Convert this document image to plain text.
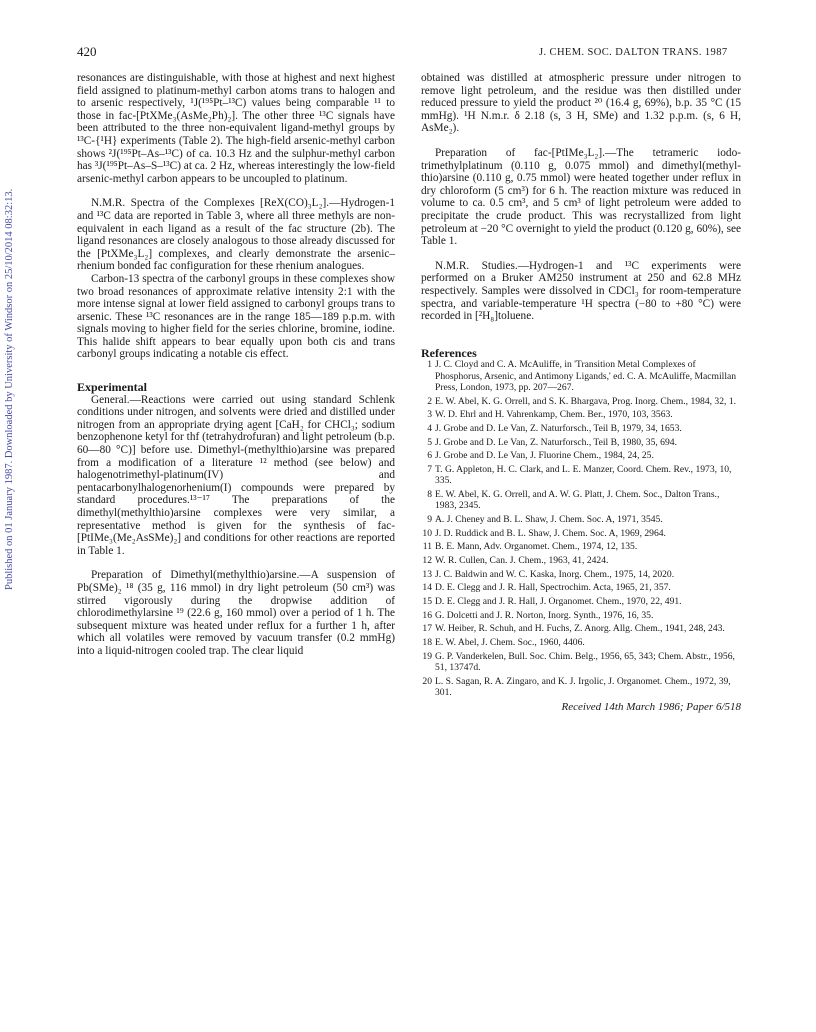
420	J. CHEM. SOC. DALTON TRANS. 1987
Published on 01 January 1987. Downloaded by University of Windsor on 25/10/2014 08:32:13.

resonances are distinguishable, with those at highest and next highest field assigned to platinum-methyl carbon atoms trans to halogen and to arsenic respectively, ¹J(¹⁹⁵Pt–¹³C) values being comparable ¹¹ to those in fac-[PtXMe₃(AsMe₂Ph)₂]. The other three ¹³C signals have been attributed to the three non-equivalent ligand-methyl groups by ¹³C-{¹H} experiments (Table 2). The high-field arsenic-methyl carbon shows ²J(¹⁹⁵Pt–As–¹³C) of ca. 10.3 Hz and the sulphur-methyl carbon has ³J(¹⁹⁵Pt–As–S–¹³C) at ca. 2 Hz, whereas interestingly the low-field arsenic-methyl carbon appears to be uncoupled to platinum.

N.M.R. Spectra of the Complexes [ReX(CO)₃L₂].—Hydrogen-1 and ¹³C data are reported in Table 3, where all three methyls are non-equivalent in each ligand as a result of the fac structure (2b). The ligand resonances are closely analogous to those already discussed for the [PtXMe₃L₂] complexes, and clearly demonstrate the arsenic–rhenium bonded fac configuration for these rhenium analogues.

Carbon-13 spectra of the carbonyl groups in these complexes show two broad resonances of approximate relative intensity 2:1 with the more intense signal at lower field assigned to carbonyl groups trans to arsenic. These ¹³C resonances are in the range 185—189 p.p.m. with signals moving to higher field for the series chlorine, bromine, iodine. This halide shift appears to bear equally upon both cis and trans carbonyl groups indicating a notable cis effect.

Experimental

General.—Reactions were carried out using standard Schlenk conditions under nitrogen, and solvents were dried and distilled under nitrogen from an appropriate drying agent [CaH₂ for CHCl₃; sodium benzophenone ketyl for thf (tetrahydrofuran) and light petroleum (b.p. 60—80 °C)] before use. Dimethyl-(methylthio)arsine was prepared from a modification of a literature ¹² method (see below) and halogenotrimethyl-platinum(IV) and pentacarbonylhalogenorhenium(I) compounds were prepared by standard procedures.¹³⁻¹⁷ The preparations of the dimethyl(methylthio)arsine complexes were very similar, a representative method is given for the synthesis of fac-[PtIMe₃(Me₂AsSMe)₂] and conditions for other reactions are reported in Table 1.

Preparation of Dimethyl(methylthio)arsine.—A suspension of Pb(SMe)₂ ¹⁸ (35 g, 116 mmol) in dry light petroleum (50 cm³) was stirred vigorously during the dropwise addition of chlorodimethylarsine ¹⁹ (22.6 g, 160 mmol) over a period of 1 h. The subsequent mixture was heated under reflux for a further 1 h, after which all volatiles were removed by vacuum transfer (0.2 mmHg) into a liquid-nitrogen cooled trap. The clear liquid

obtained was distilled at atmospheric pressure under nitrogen to remove light petroleum, and the residue was then distilled under reduced pressure to yield the product ²⁰ (16.4 g, 69%), b.p. 35 °C (15 mmHg). ¹H N.m.r. δ 2.18 (s, 3 H, SMe) and 1.32 p.p.m. (s, 6 H, AsMe₂).

Preparation of fac-[PtIMe₃L₂].—The tetrameric iodo-trimethylplatinum (0.110 g, 0.075 mmol) and dimethyl(methyl-thio)arsine (0.110 g, 0.75 mmol) were heated together under reflux in dry chloroform (5 cm³) for 6 h. The reaction mixture was reduced in volume to ca. 0.5 cm³, and 5 cm³ of light petroleum were added to precipitate the crude product. This was recrystallized from light petroleum at −20 °C overnight to yield the product (0.120 g, 60%), see Table 1.

N.M.R. Studies.—Hydrogen-1 and ¹³C experiments were performed on a Bruker AM250 instrument at 250 and 62.8 MHz respectively. Samples were dissolved in CDCl₃ for room-temperature spectra, and variable-temperature ¹H spectra (−80 to +80 °C) were recorded in [²H₈]toluene.

References

1 J. C. Cloyd and C. A. McAuliffe, in 'Transition Metal Complexes of Phosphorus, Arsenic, and Antimony Ligands,' ed. C. A. McAuliffe, Macmillan Press, London, 1973, pp. 207—267.
2 E. W. Abel, K. G. Orrell, and S. K. Bhargava, Prog. Inorg. Chem., 1984, 32, 1.
3 W. D. Ehrl and H. Vahrenkamp, Chem. Ber., 1970, 103, 3563.
4 J. Grobe and D. Le Van, Z. Naturforsch., Teil B, 1979, 34, 1653.
5 J. Grobe and D. Le Van, Z. Naturforsch., Teil B, 1980, 35, 694.
6 J. Grobe and D. Le Van, J. Fluorine Chem., 1984, 24, 25.
7 T. G. Appleton, H. C. Clark, and L. E. Manzer, Coord. Chem. Rev., 1973, 10, 335.
8 E. W. Abel, K. G. Orrell, and A. W. G. Platt, J. Chem. Soc., Dalton Trans., 1983, 2345.
9 A. J. Cheney and B. L. Shaw, J. Chem. Soc. A, 1971, 3545.
10 J. D. Ruddick and B. L. Shaw, J. Chem. Soc. A, 1969, 2964.
11 B. E. Mann, Adv. Organomet. Chem., 1974, 12, 135.
12 W. R. Cullen, Can. J. Chem., 1963, 41, 2424.
13 J. C. Baldwin and W. C. Kaska, Inorg. Chem., 1975, 14, 2020.
14 D. E. Clegg and J. R. Hall, Spectrochim. Acta, 1965, 21, 357.
15 D. E. Clegg and J. R. Hall, J. Organomet. Chem., 1970, 22, 491.
16 G. Dolcetti and J. R. Norton, Inorg. Synth., 1976, 16, 35.
17 W. Heiber, R. Schuh, and H. Fuchs, Z. Anorg. Allg. Chem., 1941, 248, 243.
18 E. W. Abel, J. Chem. Soc., 1960, 4406.
19 G. P. Vanderkelen, Bull. Soc. Chim. Belg., 1956, 65, 343; Chem. Abstr., 1956, 51, 13747d.
20 L. S. Sagan, R. A. Zingaro, and K. J. Irgolic, J. Organomet. Chem., 1972, 39, 301.

Received 14th March 1986; Paper 6/518
